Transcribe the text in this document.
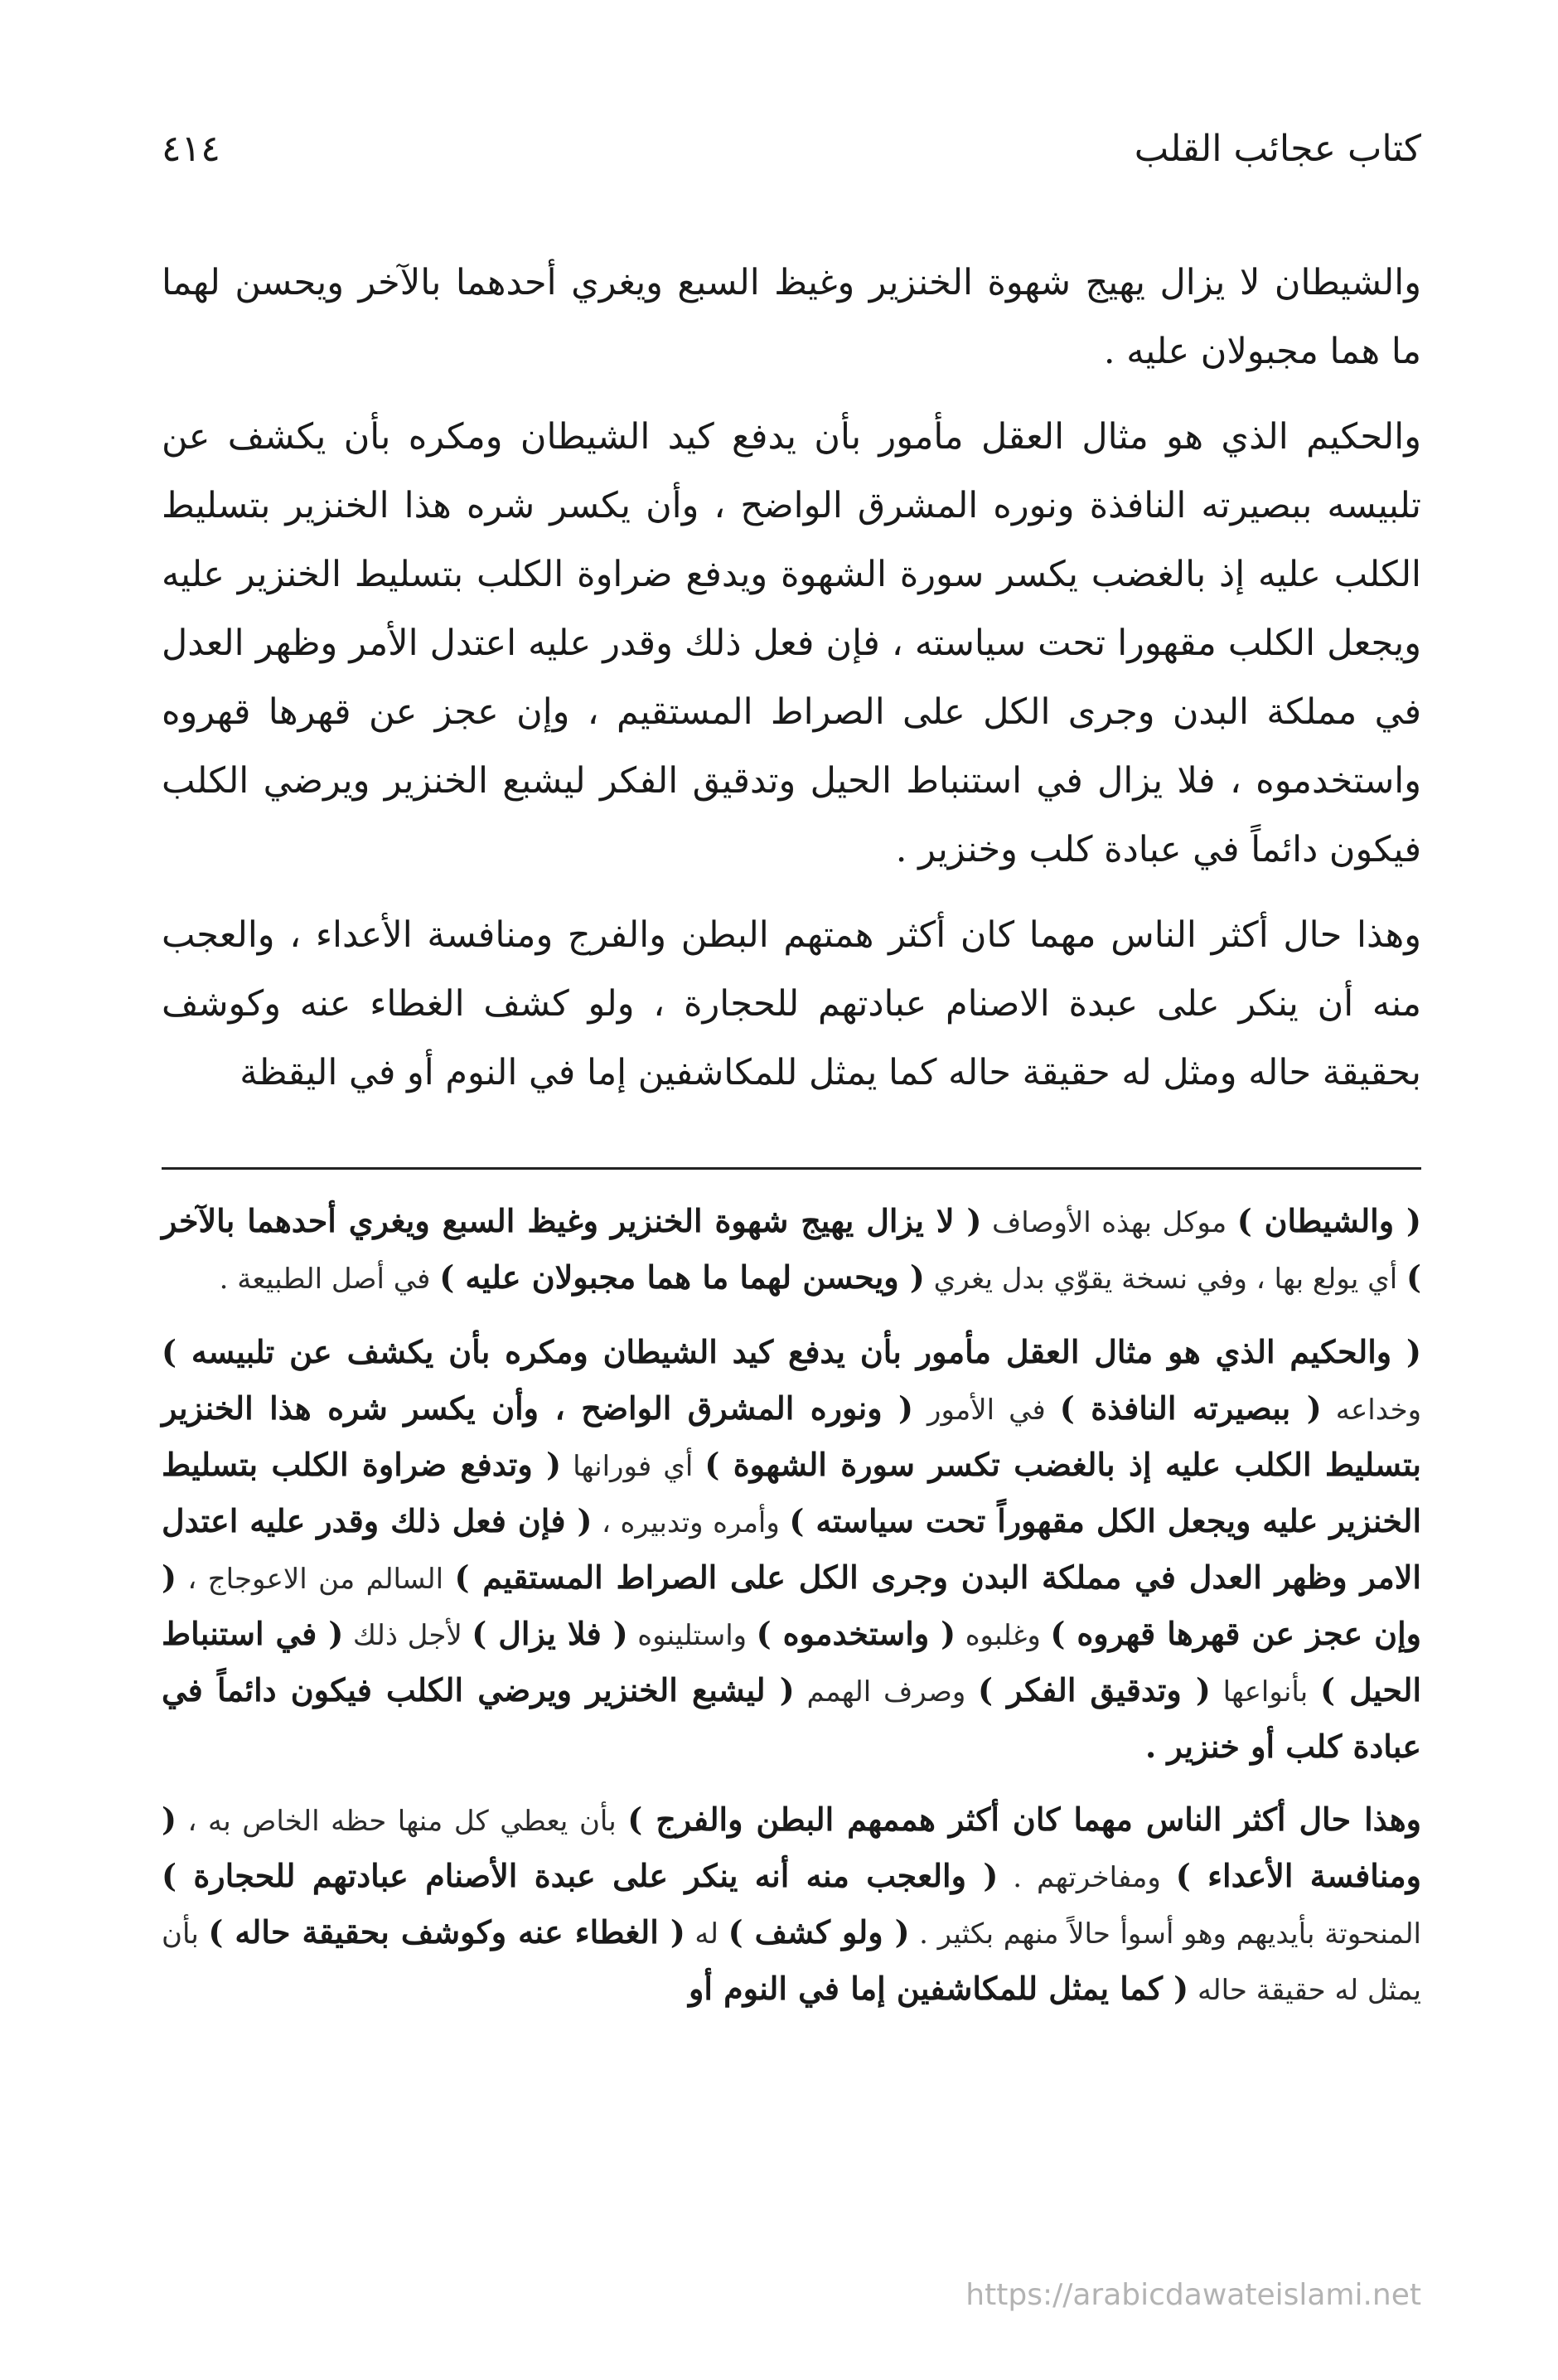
كتاب عجائب القلب
٤١٤

والشيطان لا يزال يهيج شهوة الخنزير وغيظ السبع ويغري أحدهما بالآخر ويحسن لهما ما هما مجبولان عليه .

والحكيم الذي هو مثال العقل مأمور بأن يدفع كيد الشيطان ومكره بأن يكشف عن تلبيسه ببصيرته النافذة ونوره المشرق الواضح ، وأن يكسر شره هذا الخنزير بتسليط الكلب عليه إذ بالغضب يكسر سورة الشهوة ويدفع ضراوة الكلب بتسليط الخنزير عليه ويجعل الكلب مقهورا تحت سياسته ، فإن فعل ذلك وقدر عليه اعتدل الأمر وظهر العدل في مملكة البدن وجرى الكل على الصراط المستقيم ، وإن عجز عن قهرها قهروه واستخدموه ، فلا يزال في استنباط الحيل وتدقيق الفكر ليشبع الخنزير ويرضي الكلب فيكون دائماً في عبادة كلب وخنزير .

وهذا حال أكثر الناس مهما كان أكثر همتهم البطن والفرج ومنافسة الأعداء ، والعجب منه أن ينكر على عبدة الاصنام عبادتهم للحجارة ، ولو كشف الغطاء عنه وكوشف بحقيقة حاله ومثل له حقيقة حاله كما يمثل للمكاشفين إما في النوم أو في اليقظة

( والشيطان ) موكل بهذه الأوصاف ( لا يزال يهيج شهوة الخنزير وغيظ السبع ويغري أحدهما بالآخر ) أي يولع بها ، وفي نسخة يقوّي بدل يغري ( ويحسن لهما ما هما مجبولان عليه ) في أصل الطبيعة .

( والحكيم الذي هو مثال العقل مأمور بأن يدفع كيد الشيطان ومكره بأن يكشف عن تلبيسه ) وخداعه ( ببصيرته النافذة ) في الأمور ( ونوره المشرق الواضح ، وأن يكسر شره هذا الخنزير بتسليط الكلب عليه إذ بالغضب تكسر سورة الشهوة ) أي فورانها ( وتدفع ضراوة الكلب بتسليط الخنزير عليه ويجعل الكل مقهوراً تحت سياسته ) وأمره وتدبيره ، ( فإن فعل ذلك وقدر عليه اعتدل الامر وظهر العدل في مملكة البدن وجرى الكل على الصراط المستقيم ) السالم من الاعوجاج ، ( وإن عجز عن قهرها قهروه ) وغلبوه ( واستخدموه ) واستلينوه ( فلا يزال ) لأجل ذلك ( في استنباط الحيل ) بأنواعها ( وتدقيق الفكر ) وصرف الهمم ( ليشبع الخنزير ويرضي الكلب فيكون دائماً في عبادة كلب أو خنزير .

وهذا حال أكثر الناس مهما كان أكثر هممهم البطن والفرج ) بأن يعطي كل منها حظه الخاص به ، ( ومنافسة الأعداء ) ومفاخرتهم . ( والعجب منه أنه ينكر على عبدة الأصنام عبادتهم للحجارة ) المنحوتة بأيديهم وهو أسوأ حالاً منهم بكثير . ( ولو كشف ) له ( الغطاء عنه وكوشف بحقيقة حاله ) بأن يمثل له حقيقة حاله ( كما يمثل للمكاشفين إما في النوم أو

https://arabicdawateislami.net
